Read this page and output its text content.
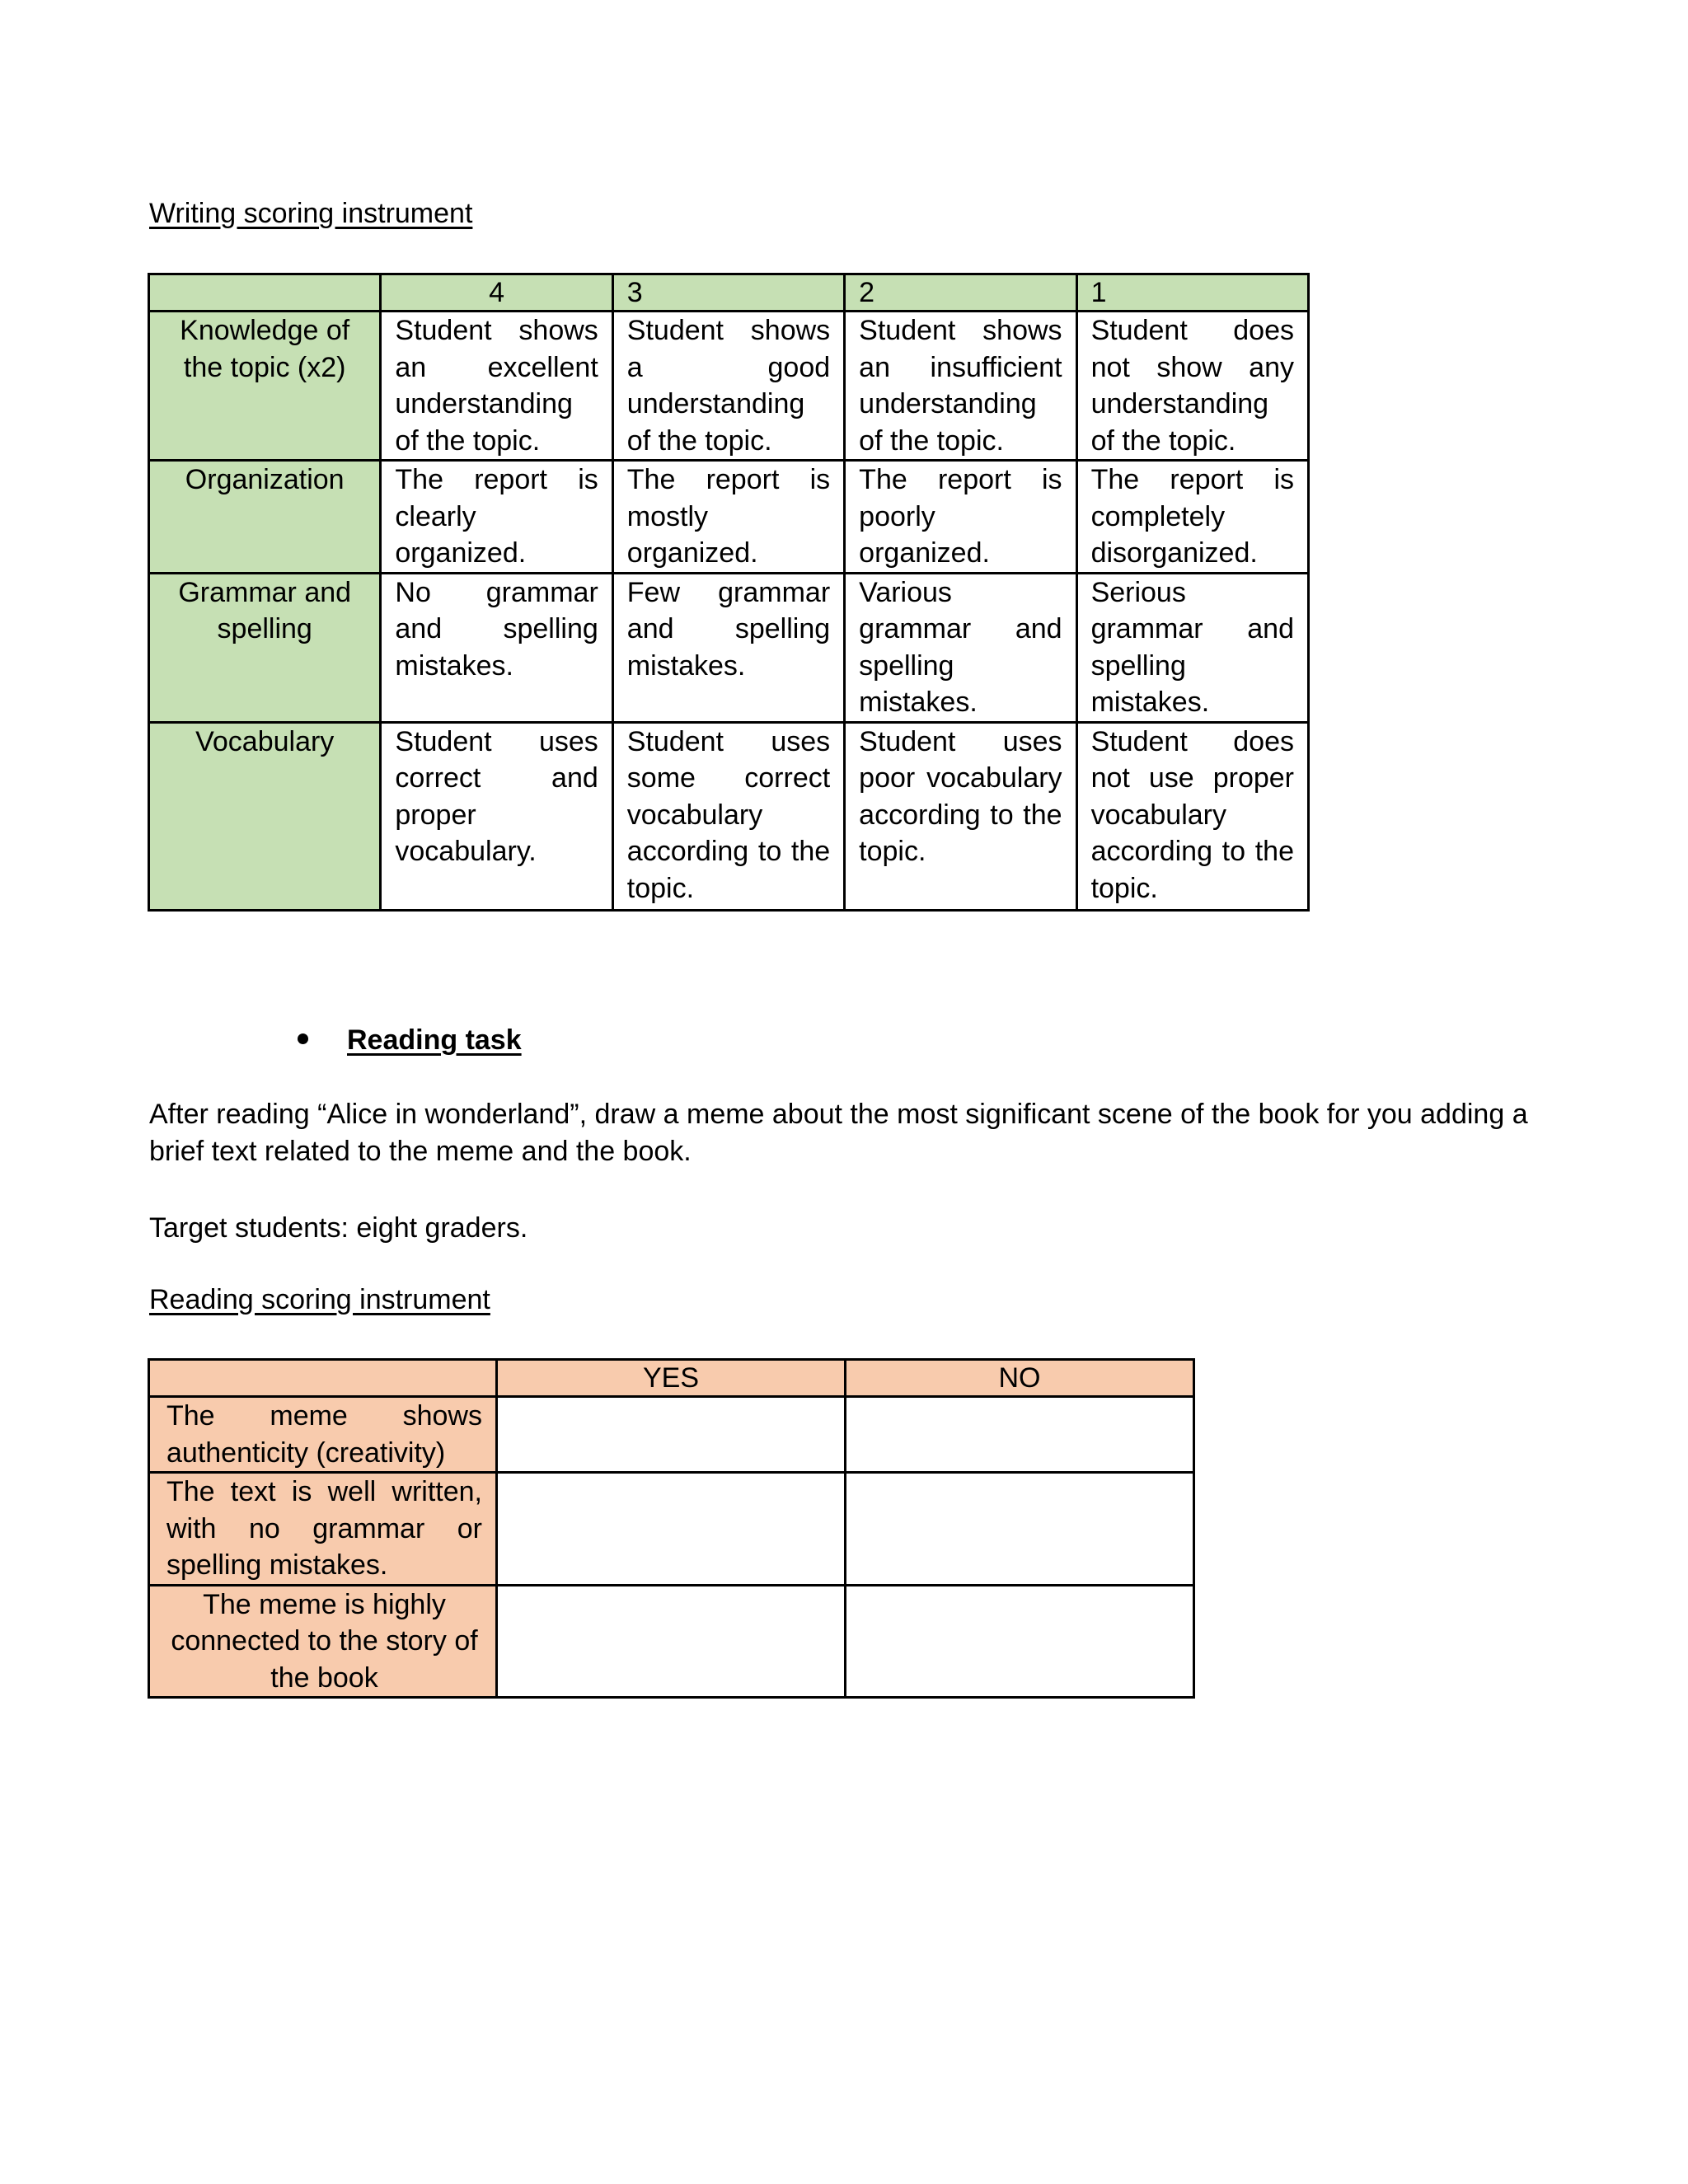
Writing scoring instrument
	4	3	2	1
Knowledge of the topic (x2)	Student shows an excellent understanding of the topic.	Student shows a good understanding of the topic.	Student shows an insufficient understanding of the topic.	Student does not show any understanding of the topic.
Organization	The report is clearly organized.	The report is mostly organized.	The report is poorly organized.	The report is completely disorganized.
Grammar and spelling	No grammar and spelling mistakes.	Few grammar and spelling mistakes.	Various grammar and spelling mistakes.	Serious grammar and spelling mistakes.
Vocabulary	Student uses correct and proper vocabulary.	Student uses some correct vocabulary according to the topic.	Student uses poor vocabulary according to the topic.	Student does not use proper vocabulary according to the topic.
Reading task
After reading “Alice in wonderland”, draw a meme about the most significant scene of the book for you adding a brief text related to the meme and the book.
Target students: eight graders.
Reading scoring instrument
	YES	NO
The meme shows authenticity (creativity)		
The text is well written, with no grammar or spelling mistakes.		
The meme is highly connected to the story of the book		
